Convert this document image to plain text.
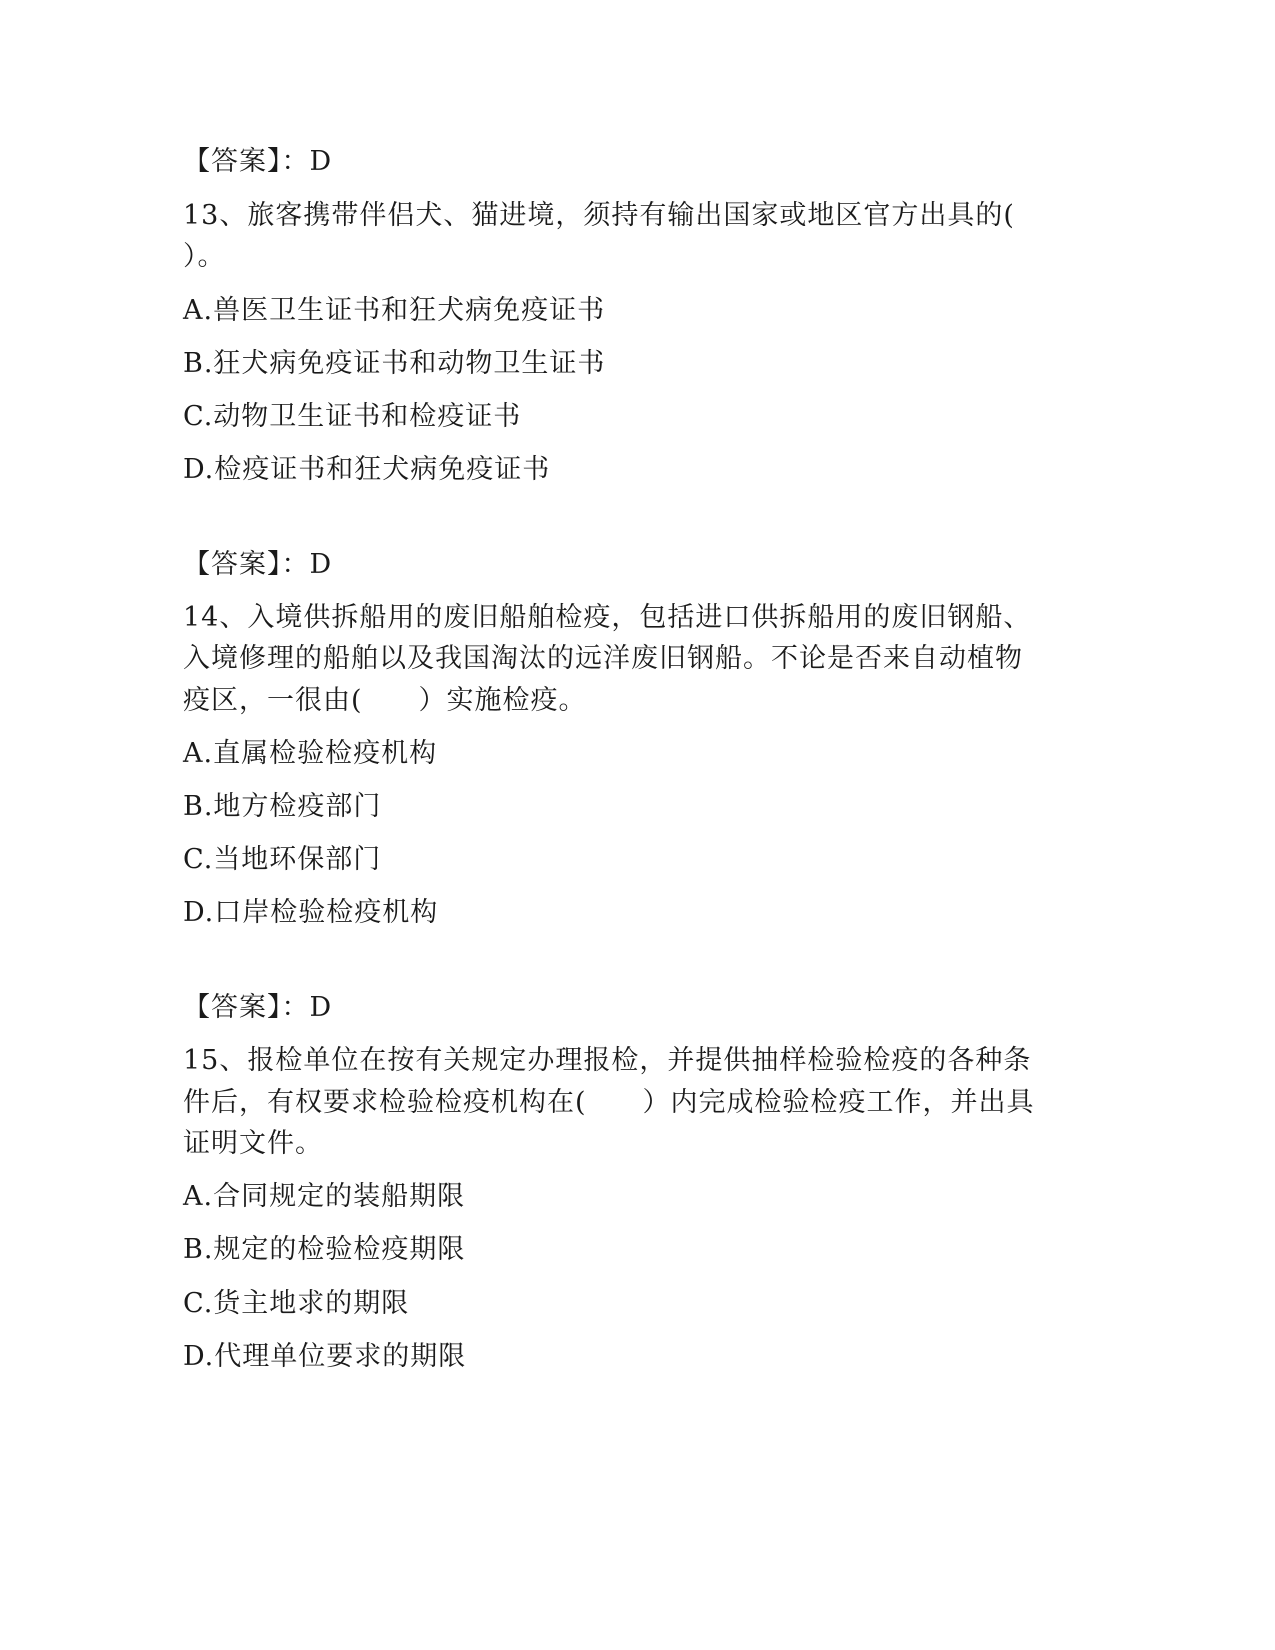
【答案】：D
13、旅客携带伴侣犬、猫进境，须持有输出国家或地区官方出具的(
）。
A.兽医卫生证书和狂犬病免疫证书
B.狂犬病免疫证书和动物卫生证书
C.动物卫生证书和检疫证书
D.检疫证书和狂犬病免疫证书
【答案】：D
14、入境供拆船用的废旧船舶检疫，包括进口供拆船用的废旧钢船、
入境修理的船舶以及我国淘汰的远洋废旧钢船。不论是否来自动植物
疫区，一很由(　　）实施检疫。
A.直属检验检疫机构
B.地方检疫部门
C.当地环保部门
D.口岸检验检疫机构
【答案】：D
15、报检单位在按有关规定办理报检，并提供抽样检验检疫的各种条
件后，有权要求检验检疫机构在(　　）内完成检验检疫工作，并出具
证明文件。
A.合同规定的装船期限
B.规定的检验检疫期限
C.货主地求的期限
D.代理单位要求的期限
